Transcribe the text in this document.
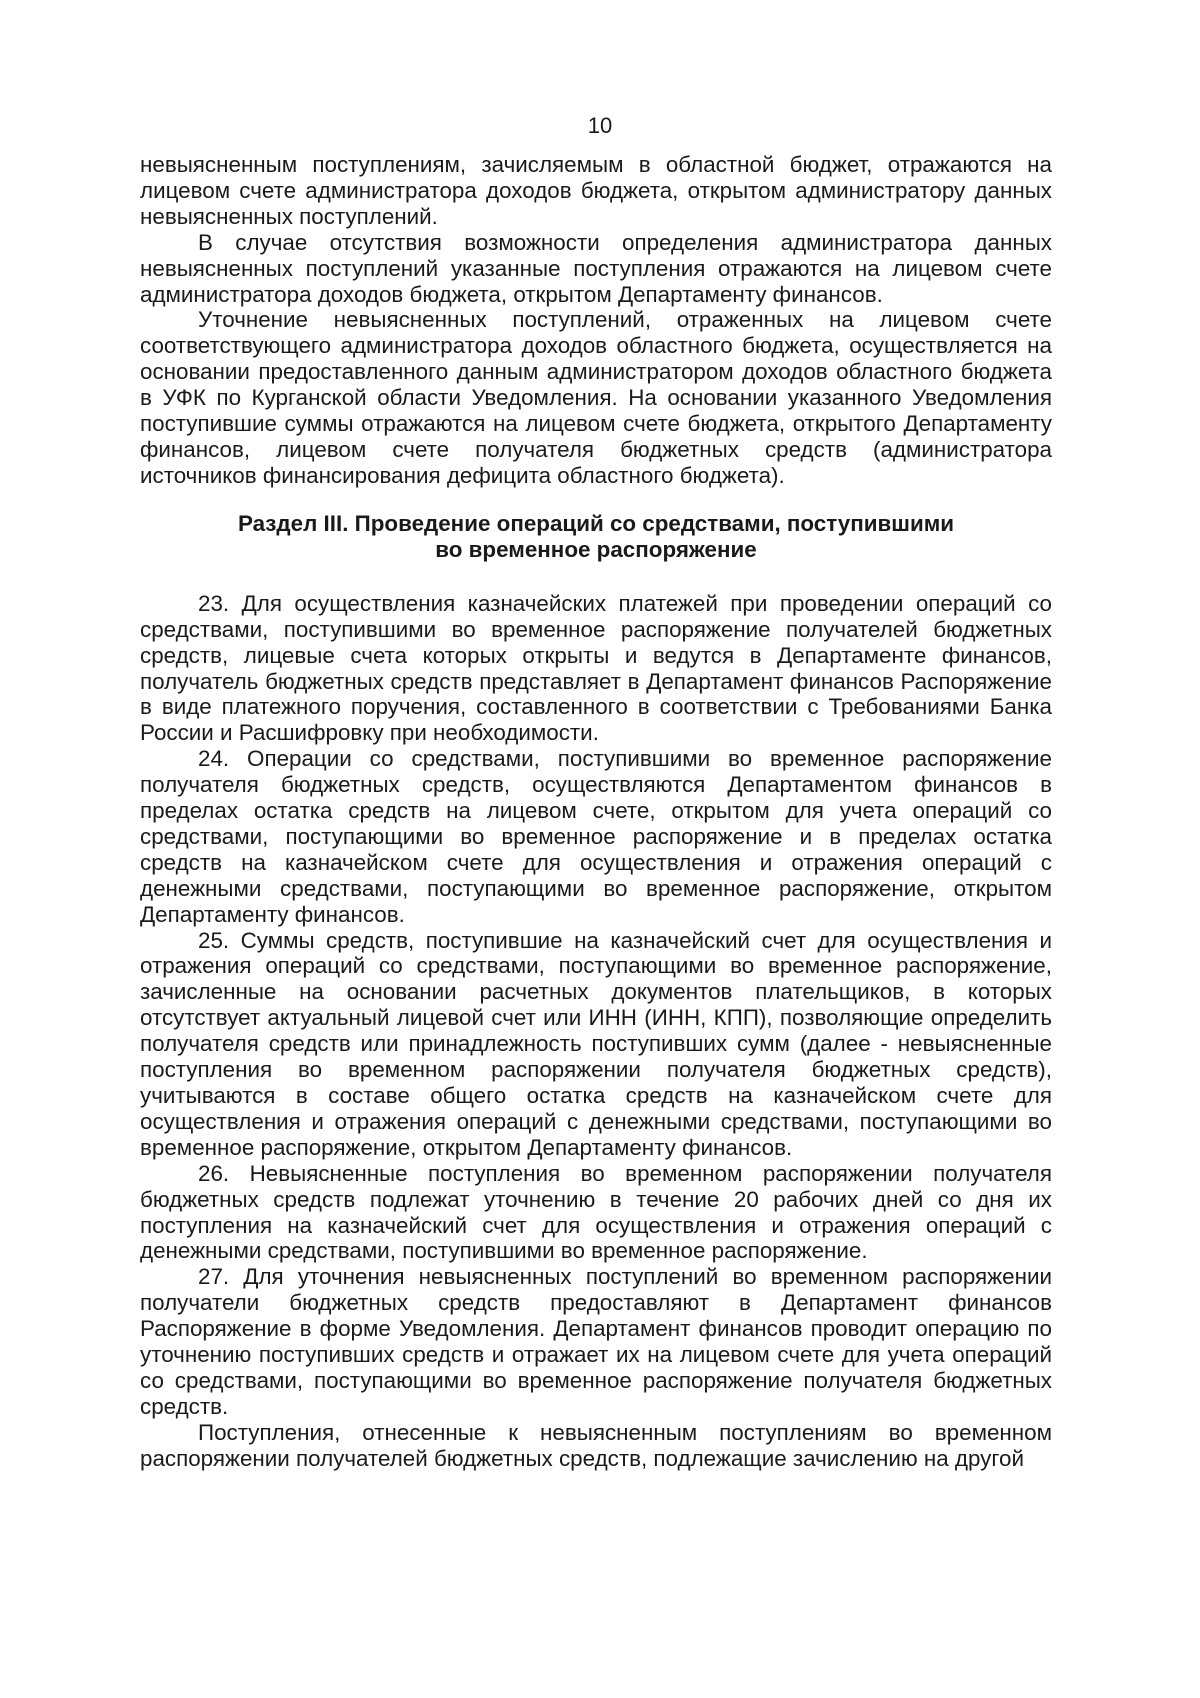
10

невыясненным поступлениям, зачисляемым в областной бюджет, отражаются на лицевом счете администратора доходов бюджета, открытом администратору данных невыясненных поступлений.

В случае отсутствия возможности определения администратора данных невыясненных поступлений указанные поступления отражаются на лицевом счете администратора доходов бюджета, открытом Департаменту финансов.

Уточнение невыясненных поступлений, отраженных на лицевом счете соответствующего администратора доходов областного бюджета, осуществляется на основании предоставленного данным администратором доходов областного бюджета в УФК по Курганской области Уведомления. На основании указанного Уведомления поступившие суммы отражаются на лицевом счете бюджета, открытого Департаменту финансов, лицевом счете получателя бюджетных средств (администратора источников финансирования дефицита областного бюджета).

Раздел III. Проведение операций со средствами, поступившими
во временное распоряжение

23. Для осуществления казначейских платежей при проведении операций со средствами, поступившими во временное распоряжение получателей бюджетных средств, лицевые счета которых открыты и ведутся в Департаменте финансов, получатель бюджетных средств представляет в Департамент финансов Распоряжение в виде платежного поручения, составленного в соответствии с Требованиями Банка России и Расшифровку при необходимости.

24. Операции со средствами, поступившими во временное распоряжение получателя бюджетных средств, осуществляются Департаментом финансов в пределах остатка средств на лицевом счете, открытом для учета операций со средствами, поступающими во временное распоряжение и в пределах остатка средств на казначейском счете для осуществления и отражения операций с денежными средствами, поступающими во временное распоряжение, открытом Департаменту финансов.

25. Суммы средств, поступившие на казначейский счет для осуществления и отражения операций со средствами, поступающими во временное распоряжение, зачисленные на основании расчетных документов плательщиков, в которых отсутствует актуальный лицевой счет или ИНН (ИНН, КПП), позволяющие определить получателя средств или принадлежность поступивших сумм (далее - невыясненные поступления во временном распоряжении получателя бюджетных средств), учитываются в составе общего остатка средств на казначейском счете для осуществления и отражения операций с денежными средствами, поступающими во временное распоряжение, открытом Департаменту финансов.

26. Невыясненные поступления во временном распоряжении получателя бюджетных средств подлежат уточнению в течение 20 рабочих дней со дня их поступления на казначейский счет для осуществления и отражения операций с денежными средствами, поступившими во временное распоряжение.

27. Для уточнения невыясненных поступлений во временном распоряжении получатели бюджетных средств предоставляют в Департамент финансов Распоряжение в форме Уведомления. Департамент финансов проводит операцию по уточнению поступивших средств и отражает их на лицевом счете для учета операций со средствами, поступающими во временное распоряжение получателя бюджетных средств.

Поступления, отнесенные к невыясненным поступлениям во временном распоряжении получателей бюджетных средств, подлежащие зачислению на другой
